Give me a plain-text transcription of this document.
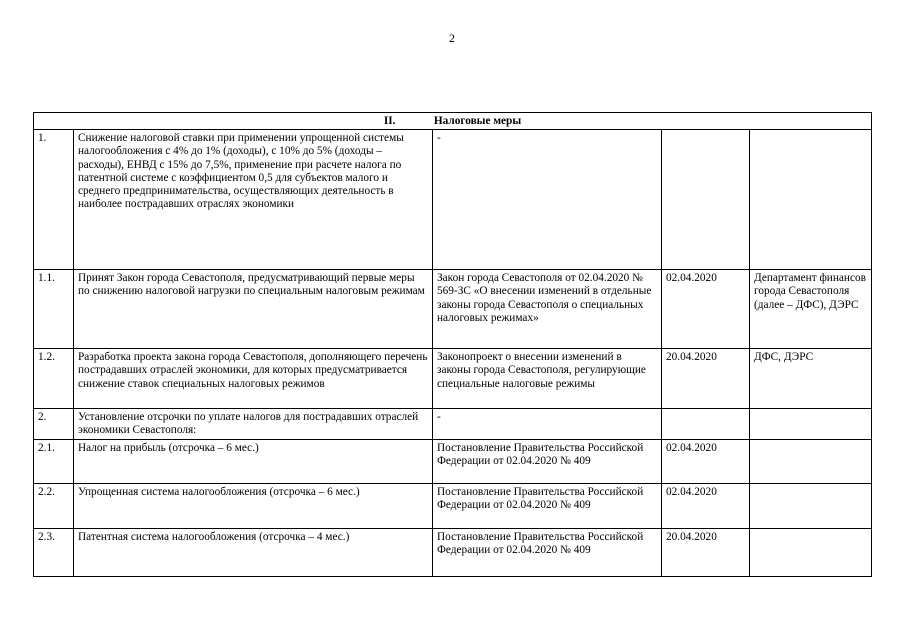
2
II. Налоговые меры				
1.	Снижение налоговой ставки при применении упрощенной системы налогообложения с 4% до 1% (доходы), с 10% до 5% (доходы – расходы), ЕНВД с 15% до 7,5%, применение при расчете налога по патентной системе с коэффициентом 0,5 для субъектов малого и среднего предпринимательства, осуществляющих деятельность в наиболее пострадавших отраслях экономики	-		
1.1.	Принят Закон города Севастополя, предусматривающий первые меры по снижению налоговой нагрузки по специальным налоговым режимам	Закон города Севастополя от 02.04.2020 № 569-ЗС «О внесении изменений в отдельные законы города Севастополя о специальных налоговых режимах»	02.04.2020	Департамент финансов города Севастополя (далее – ДФС), ДЭРС
1.2.	Разработка проекта закона города Севастополя, дополняющего перечень пострадавших отраслей экономики, для которых предусматривается снижение ставок специальных налоговых режимов	Законопроект о внесении изменений в законы города Севастополя, регулирующие специальные налоговые режимы	20.04.2020	ДФС, ДЭРС
2.	Установление отсрочки по уплате налогов для пострадавших отраслей экономики Севастополя:	-		
2.1.	Налог на прибыль (отсрочка – 6 мес.)	Постановление Правительства Российской Федерации от 02.04.2020 № 409	02.04.2020	
2.2.	Упрощенная система налогообложения (отсрочка – 6 мес.)	Постановление Правительства Российской Федерации от 02.04.2020 № 409	02.04.2020	
2.3.	Патентная система налогообложения (отсрочка – 4 мес.)	Постановление Правительства Российской Федерации от 02.04.2020 № 409	20.04.2020	
